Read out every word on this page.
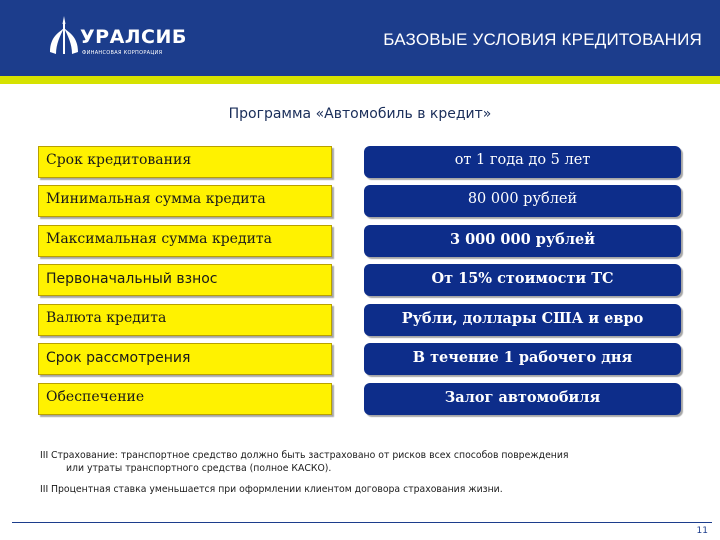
УРАЛСИБ
ФИНАНСОВАЯ КОРПОРАЦИЯ
БАЗОВЫЕ УСЛОВИЯ КРЕДИТОВАНИЯ
Программа «Автомобиль в кредит»
Срок кредитования	от 1 года до 5 лет
Минимальная сумма кредита	80 000 рублей
Максимальная сумма кредита	3 000 000 рублей
Первоначальный взнос	От 15% стоимости ТС
Валюта кредита	Рубли, доллары США и евро
Срок рассмотрения	В течение 1 рабочего дня
Обеспечение	Залог автомобиля
III Страхование: транспортное средство должно быть застраховано от рисков всех способов повреждения
или утраты транспортного средства (полное КАСКО).
III Процентная ставка уменьшается при оформлении клиентом договора страхования жизни.
11
